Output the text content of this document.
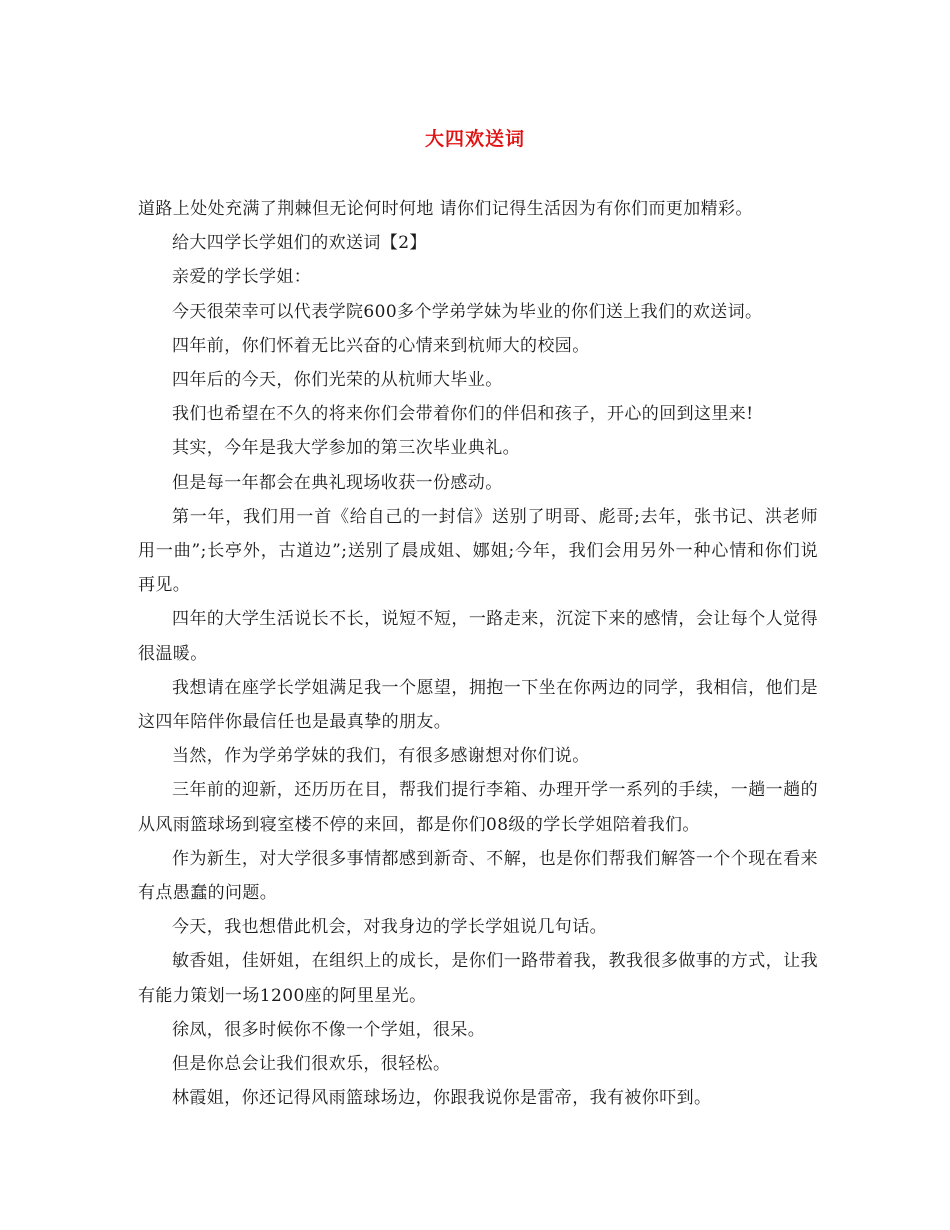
大四欢送词

道路上处处充满了荆棘但无论何时何地 请你们记得生活因为有你们而更加精彩。

给大四学长学姐们的欢送词【2】

亲爱的学长学姐：

今天很荣幸可以代表学院600多个学弟学妹为毕业的你们送上我们的欢送词。

四年前，你们怀着无比兴奋的心情来到杭师大的校园。

四年后的今天，你们光荣的从杭师大毕业。

我们也希望在不久的将来你们会带着你们的伴侣和孩子，开心的回到这里来!

其实，今年是我大学参加的第三次毕业典礼。

但是每一年都会在典礼现场收获一份感动。

第一年，我们用一首《给自己的一封信》送别了明哥、彪哥;去年，张书记、洪老师用一曲”;长亭外，古道边”;送别了晨成姐、娜姐;今年，我们会用另外一种心情和你们说再见。

四年的大学生活说长不长，说短不短，一路走来，沉淀下来的感情，会让每个人觉得很温暖。

我想请在座学长学姐满足我一个愿望，拥抱一下坐在你两边的同学，我相信，他们是这四年陪伴你最信任也是最真挚的朋友。

当然，作为学弟学妹的我们，有很多感谢想对你们说。

三年前的迎新，还历历在目，帮我们提行李箱、办理开学一系列的手续，一趟一趟的从风雨篮球场到寝室楼不停的来回，都是你们08级的学长学姐陪着我们。

作为新生，对大学很多事情都感到新奇、不解，也是你们帮我们解答一个个现在看来有点愚蠢的问题。

今天，我也想借此机会，对我身边的学长学姐说几句话。

敏香姐，佳妍姐，在组织上的成长，是你们一路带着我，教我很多做事的方式，让我有能力策划一场1200座的阿里星光。

徐凤，很多时候你不像一个学姐，很呆。

但是你总会让我们很欢乐，很轻松。

林霞姐，你还记得风雨篮球场边，你跟我说你是雷帝，我有被你吓到。
